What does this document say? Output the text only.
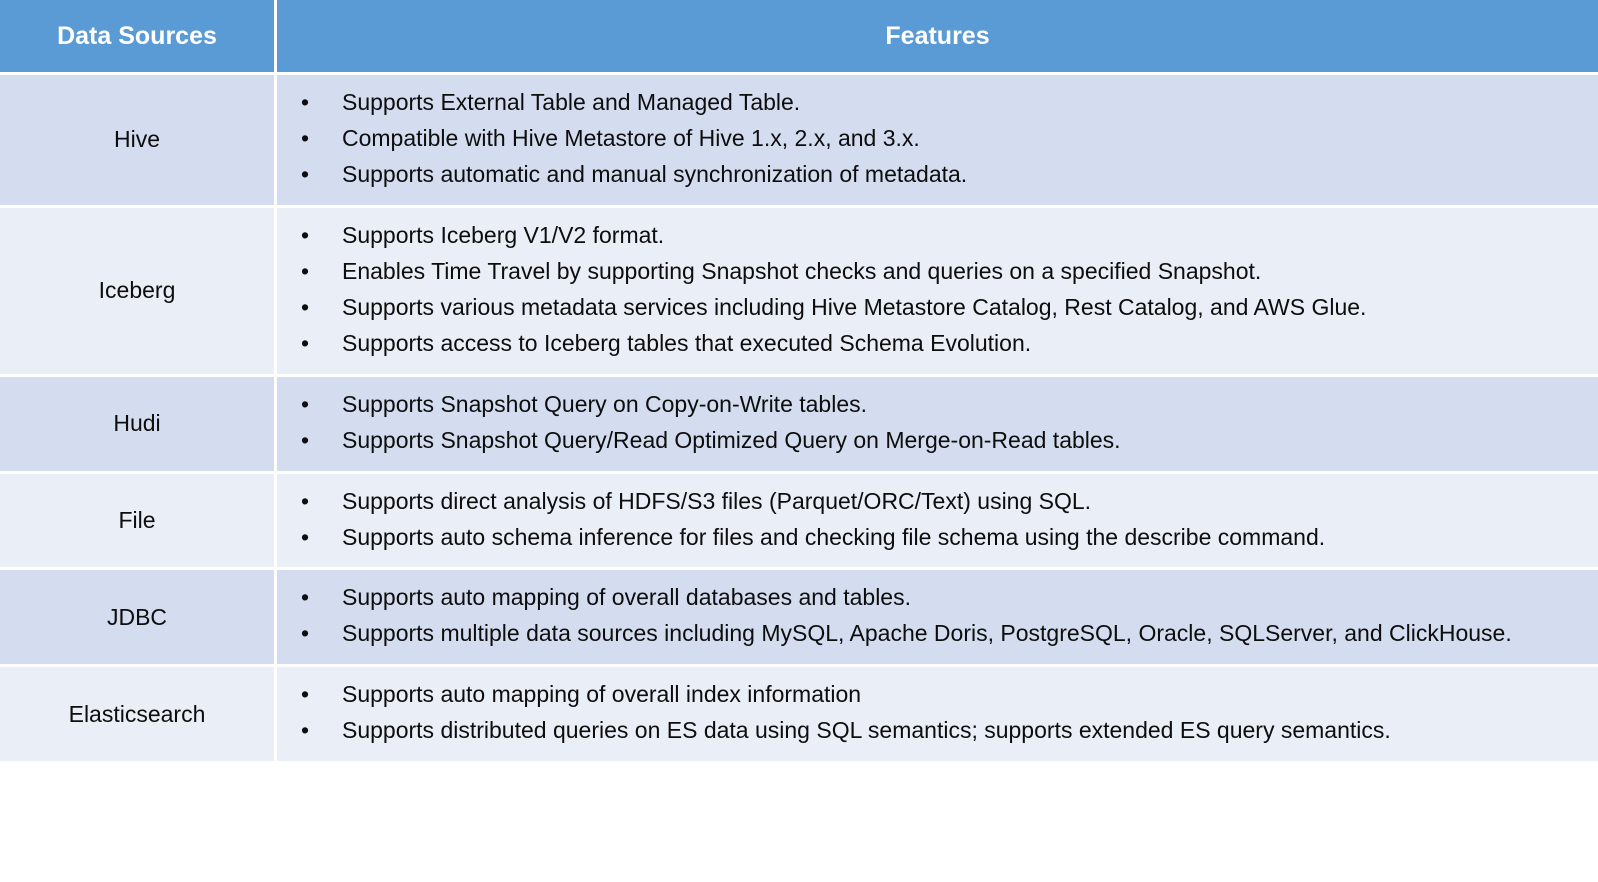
Data Sources	Features
Hive	
• Supports External Table and Managed Table.
• Compatible with Hive Metastore of Hive 1.x, 2.x, and 3.x.
• Supports automatic and manual synchronization of metadata.

Iceberg	
• Supports Iceberg V1/V2 format.
• Enables Time Travel by supporting Snapshot checks and queries on a specified Snapshot.
• Supports various metadata services including Hive Metastore Catalog, Rest Catalog, and AWS Glue.
• Supports access to Iceberg tables that executed Schema Evolution.

Hudi	
• Supports Snapshot Query on Copy-on-Write tables.
• Supports Snapshot Query/Read Optimized Query on Merge-on-Read tables.

File	
• Supports direct analysis of HDFS/S3 files (Parquet/ORC/Text) using SQL.
• Supports auto schema inference for files and checking file schema using the describe command.

JDBC	
• Supports auto mapping of overall databases and tables.
• Supports multiple data sources including MySQL, Apache Doris, PostgreSQL, Oracle, SQLServer, and ClickHouse.

Elasticsearch	
• Supports auto mapping of overall index information
• Supports distributed queries on ES data using SQL semantics; supports extended ES query semantics.
